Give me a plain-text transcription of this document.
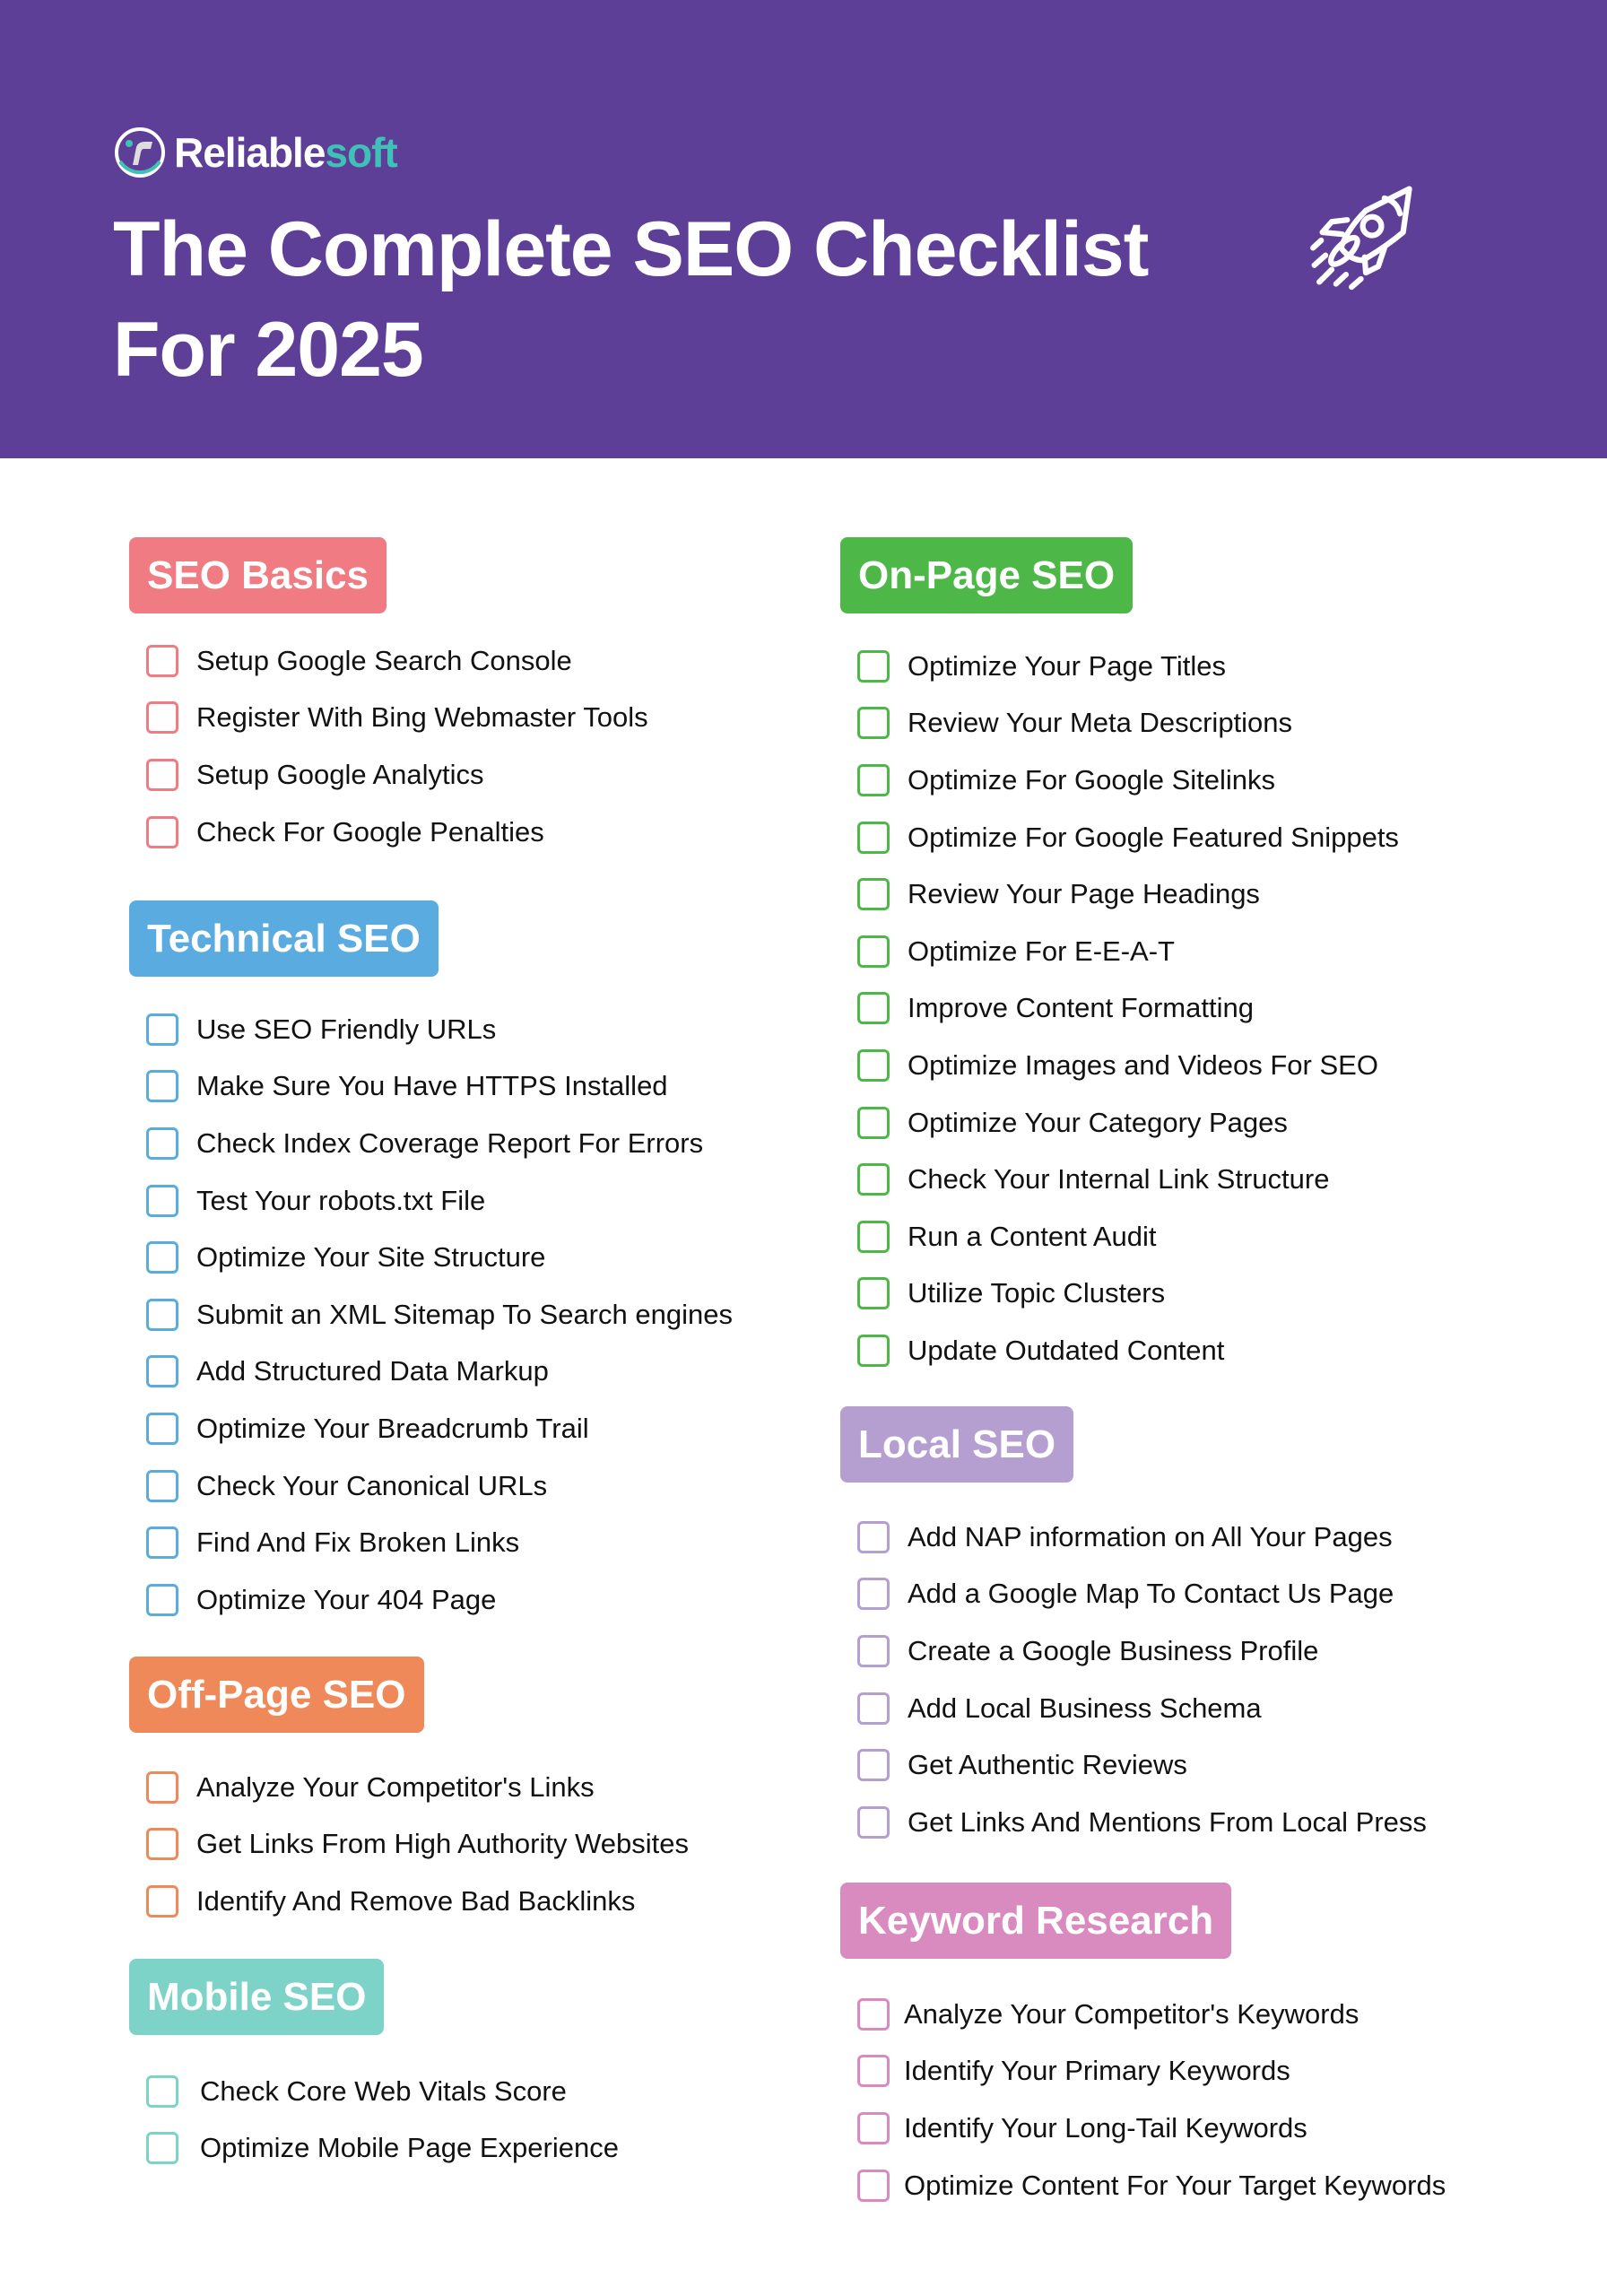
Reliablesoft
The Complete SEO Checklist
For 2025
SEO Basics
Setup Google Search Console
Register With Bing Webmaster Tools
Setup Google Analytics
Check For Google Penalties
Technical SEO
Use SEO Friendly URLs
Make Sure You Have HTTPS Installed
Check Index Coverage Report For Errors
Test Your robots.txt File
Optimize Your Site Structure
Submit an XML Sitemap To Search engines
Add Structured Data Markup
Optimize Your Breadcrumb Trail
Check Your Canonical URLs
Find And Fix Broken Links
Optimize Your 404 Page
Off-Page SEO
Analyze Your Competitor's Links
Get Links From High Authority Websites
Identify And Remove Bad Backlinks
Mobile SEO
Check Core Web Vitals Score
Optimize Mobile Page Experience
On-Page SEO
Optimize Your Page Titles
Review Your Meta Descriptions
Optimize For Google Sitelinks
Optimize For Google Featured Snippets
Review Your Page Headings
Optimize For E-E-A-T
Improve Content Formatting
Optimize Images and Videos For SEO
Optimize Your Category Pages
Check Your Internal Link Structure
Run a Content Audit
Utilize Topic Clusters
Update Outdated Content
Local SEO
Add NAP information on All Your Pages
Add a Google Map To Contact Us Page
Create a Google Business Profile
Add Local Business Schema
Get Authentic Reviews
Get Links And Mentions From Local Press
Keyword Research
Analyze Your Competitor's Keywords
Identify Your Primary Keywords
Identify Your Long-Tail Keywords
Optimize Content For Your Target Keywords
